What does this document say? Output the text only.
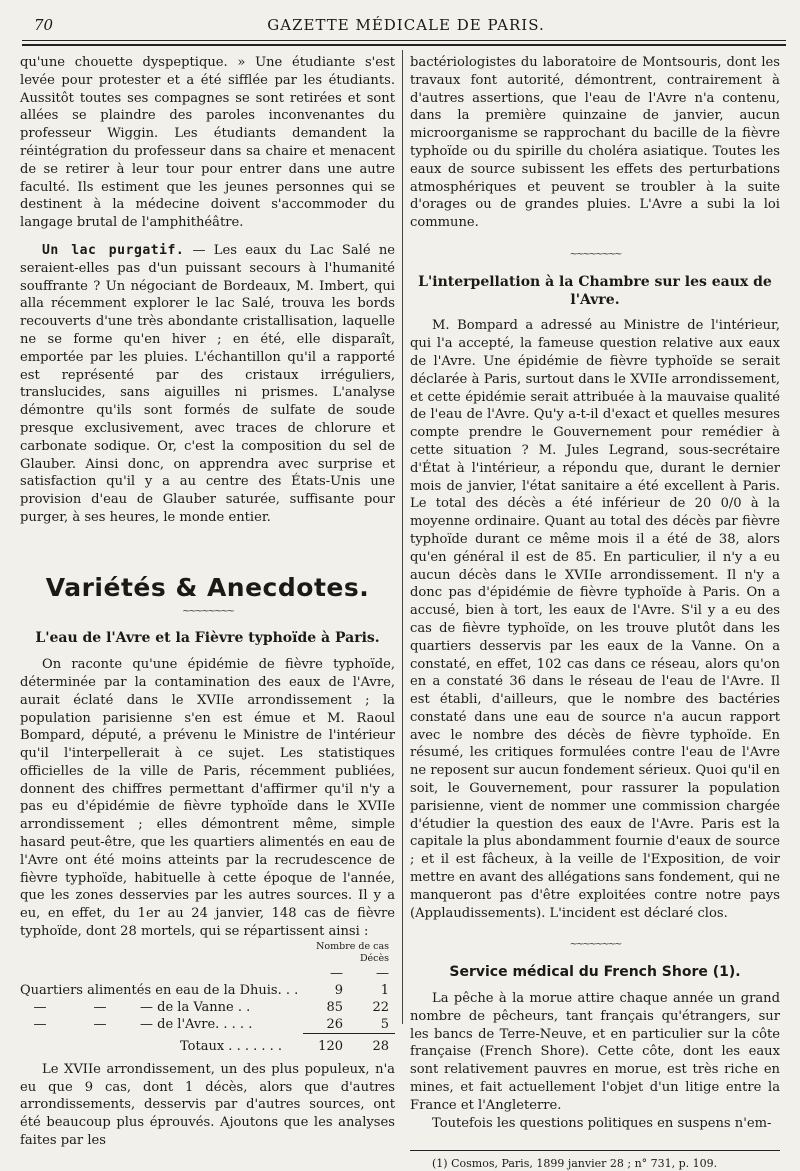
70	GAZETTE MÉDICALE DE PARIS.

qu'une chouette dyspeptique. » Une étudiante s'est levée pour protester et a été sifflée par les étudiants. Aussitôt toutes ses compagnes se sont retirées et sont allées se plaindre des paroles inconvenantes du professeur Wiggin. Les étudiants demandent la réintégration du professeur dans sa chaire et menacent de se retirer à leur tour pour entrer dans une autre faculté. Ils estiment que les jeunes personnes qui se destinent à la médecine doivent s'accommoder du langage brutal de l'amphithéâtre.

Un lac purgatif. — Les eaux du Lac Salé ne seraient-elles pas d'un puissant secours à l'humanité souffrante ? Un négociant de Bordeaux, M. Imbert, qui alla récemment explorer le lac Salé, trouva les bords recouverts d'une très abondante cristallisation, laquelle ne se forme qu'en hiver ; en été, elle disparaît, emportée par les pluies. L'échantillon qu'il a rapporté est représenté par des cristaux irréguliers, translucides, sans aiguilles ni prismes. L'analyse démontre qu'ils sont formés de sulfate de soude presque exclusivement, avec traces de chlorure et carbonate sodique. Or, c'est la composition du sel de Glauber. Ainsi donc, on apprendra avec surprise et satisfaction qu'il y a au centre des États-Unis une provision d'eau de Glauber saturée, suffisante pour purger, à ses heures, le monde entier.

Variétés & Anecdotes.
~~~~~~~~
L'eau de l'Avre et la Fièvre typhoïde à Paris.

On raconte qu'une épidémie de fièvre typhoïde, déterminée par la contamination des eaux de l'Avre, aurait éclaté dans le XVIIe arrondissement ; la population parisienne s'en est émue et M. Raoul Bompard, député, a prévenu le Ministre de l'intérieur qu'il l'interpellerait à ce sujet. Les statistiques officielles de la ville de Paris, récemment publiées, donnent des chiffres permettant d'affirmer qu'il n'y a pas eu d'épidémie de fièvre typhoïde dans le XVIIe arrondissement ; elles démontrent même, simple hasard peut-être, que les quartiers alimentés en eau de l'Avre ont été moins atteints par la recrudescence de fièvre typhoïde, habituelle à cette époque de l'année, que les zones desservies par les autres sources. Il y a eu, en effet, du 1er au 24 janvier, 148 cas de fièvre typhoïde, dont 28 mortels, qui se répartissent ainsi :

			Nombre de cas Décès	
			—	—
Quartiers alimentés en eau de la Dhuis. . .			9	1
—	—	— de la Vanne . .	85	22
—	—	— de l'Avre. . . . .	26	5
		Totaux . . . . . . .	120	28

Le XVIIe arrondissement, un des plus populeux, n'a eu que 9 cas, dont 1 décès, alors que d'autres arrondissements, desservis par d'autres sources, ont été beaucoup plus éprouvés. Ajoutons que les analyses faites par les

bactériologistes du laboratoire de Montsouris, dont les travaux font autorité, démontrent, contrairement à d'autres assertions, que l'eau de l'Avre n'a contenu, dans la première quinzaine de janvier, aucun microorganisme se rapprochant du bacille de la fièvre typhoïde ou du spirille du choléra asiatique. Toutes les eaux de source subissent les effets des perturbations atmosphériques et peuvent se troubler à la suite d'orages ou de grandes pluies. L'Avre a subi la loi commune.

~~~~~~~~
L'interpellation à la Chambre sur les eaux de l'Avre.

M. Bompard a adressé au Ministre de l'intérieur, qui l'a accepté, la fameuse question relative aux eaux de l'Avre. Une épidémie de fièvre typhoïde se serait déclarée à Paris, surtout dans le XVIIe arrondissement, et cette épidémie serait attribuée à la mauvaise qualité de l'eau de l'Avre. Qu'y a-t-il d'exact et quelles mesures compte prendre le Gouvernement pour remédier à cette situation ? M. Jules Legrand, sous-secrétaire d'État à l'intérieur, a répondu que, durant le dernier mois de janvier, l'état sanitaire a été excellent à Paris. Le total des décès a été inférieur de 20 0/0 à la moyenne ordinaire. Quant au total des décès par fièvre typhoïde durant ce même mois il a été de 38, alors qu'en général il est de 85. En particulier, il n'y a eu aucun décès dans le XVIIe arrondissement. Il n'y a donc pas d'épidémie de fièvre typhoïde à Paris. On a accusé, bien à tort, les eaux de l'Avre. S'il y a eu des cas de fièvre typhoïde, on les trouve plutôt dans les quartiers desservis par les eaux de la Vanne. On a constaté, en effet, 102 cas dans ce réseau, alors qu'on en a constaté 36 dans le réseau de l'eau de l'Avre. Il est établi, d'ailleurs, que le nombre des bactéries constaté dans une eau de source n'a aucun rapport avec le nombre des décès de fièvre typhoïde. En résumé, les critiques formulées contre l'eau de l'Avre ne reposent sur aucun fondement sérieux. Quoi qu'il en soit, le Gouvernement, pour rassurer la population parisienne, vient de nommer une commission chargée d'étudier la question des eaux de l'Avre. Paris est la capitale la plus abondamment fournie d'eaux de source ; et il est fâcheux, à la veille de l'Exposition, de voir mettre en avant des allégations sans fondement, qui ne manqueront pas d'être exploitées contre notre pays (Applaudissements). L'incident est déclaré clos.

~~~~~~~~
Service médical du French Shore (1).

La pêche à la morue attire chaque année un grand nombre de pêcheurs, tant français qu'étrangers, sur les bancs de Terre-Neuve, et en particulier sur la côte française (French Shore). Cette côte, dont les eaux sont relativement pauvres en morue, est très riche en mines, et fait actuellement l'objet d'un litige entre la France et l'Angleterre.

Toutefois les questions politiques en suspens n'em-

(1) Cosmos, Paris, 1899 janvier 28 ; n° 731, p. 109.
